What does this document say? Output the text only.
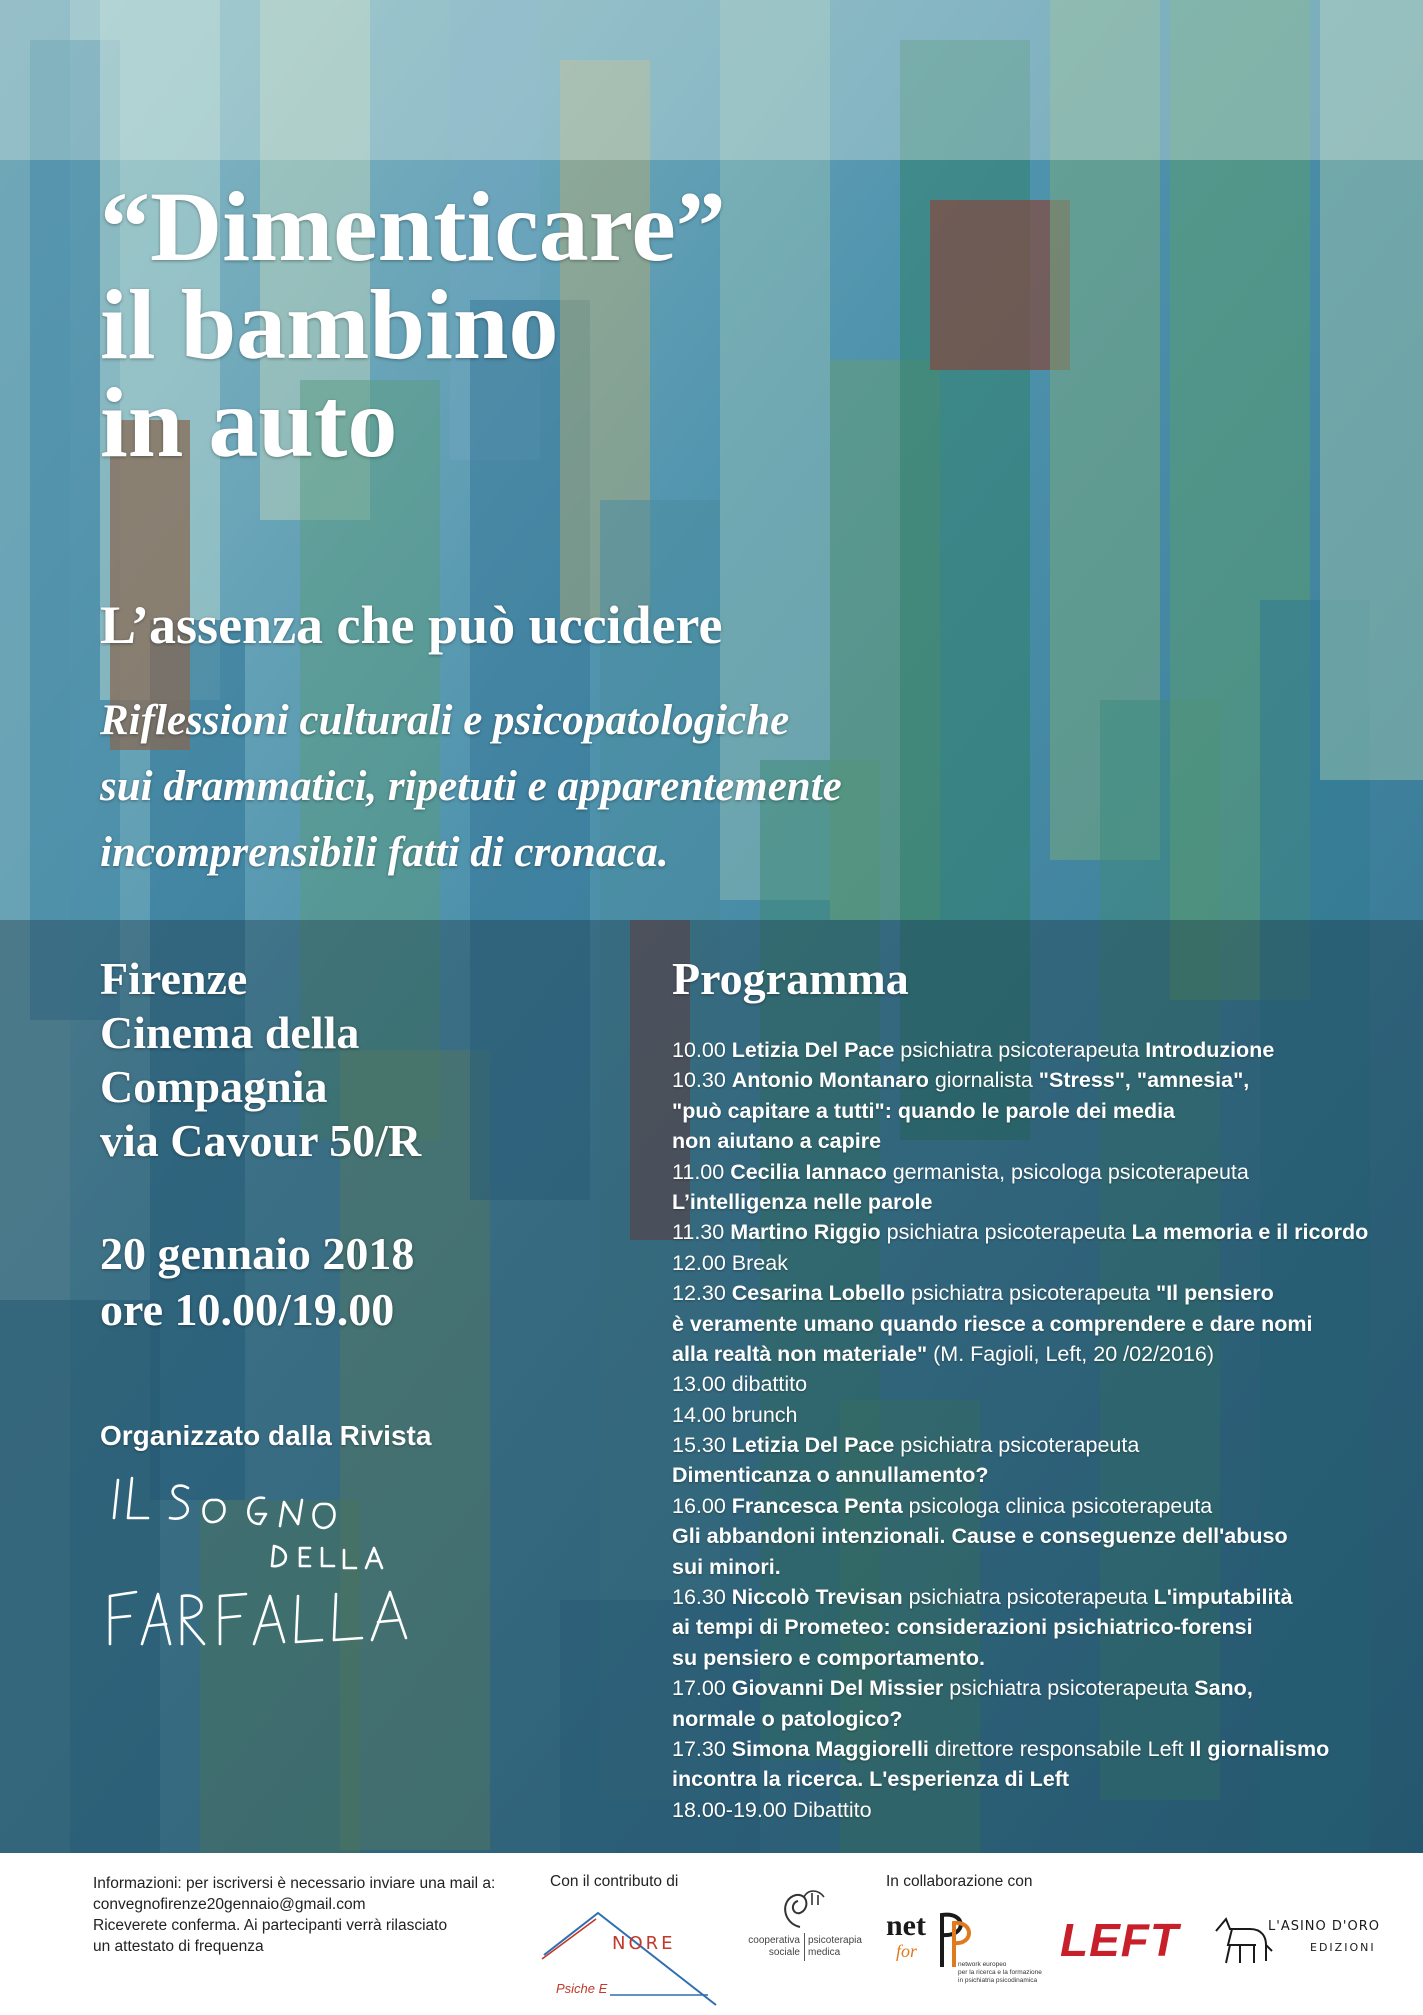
“Dimenticare”
il bambino
in auto
L’assenza che può uccidere

Riflessioni culturali e psicopatologiche
sui drammatici, ripetuti e apparentemente
incomprensibili fatti di cronaca.

Firenze
Cinema della
Compagnia
via Cavour 50/R
20 gennaio 2018
ore 10.00/19.00
Organizzato dalla Rivista
Programma
10.00 Letizia Del Pace psichiatra psicoterapeuta Introduzione
10.30 Antonio Montanaro giornalista "Stress", "amnesia",
"può capitare a tutti": quando le parole dei media
non aiutano a capire
11.00 Cecilia Iannaco germanista, psicologa psicoterapeuta
L’intelligenza nelle parole
11.30 Martino Riggio psichiatra psicoterapeuta La memoria e il ricordo
12.00 Break
12.30 Cesarina Lobello psichiatra psicoterapeuta "Il pensiero
è veramente umano quando riesce a comprendere e dare nomi
alla realtà non materiale" (M. Fagioli, Left, 20 /02/2016)
13.00 dibattito
14.00 brunch
15.30 Letizia Del Pace psichiatra psicoterapeuta
Dimenticanza o annullamento?
16.00 Francesca Penta psicologa clinica psicoterapeuta
Gli abbandoni intenzionali. Cause e conseguenze dell'abuso
sui minori.
16.30 Niccolò Trevisan psichiatra psicoterapeuta L'imputabilità
ai tempi di Prometeo: considerazioni psichiatrico-forensi
su pensiero e comportamento.
17.00 Giovanni Del Missier psichiatra psicoterapeuta Sano,
normale o patologico?
17.30 Simona Maggiorelli direttore responsabile Left Il giornalismo
incontra la ricerca. L'esperienza di Left
18.00-19.00 Dibattito
Informazioni: per iscriversi è necessario inviare una mail a:
convegnofirenze20gennaio@gmail.com
Riceverete conferma. Ai partecipanti verrà rilasciato
un attestato di frequenza
Con il contributo di	In collaborazione con
NORE
Psiche E
cooperativa
sociale
psicoterapia
medica
net
for
network europeo
per la ricerca e la formazione
in psichiatria psicodinamica
LEFT	L'ASINO D'ORO
EDIZIONI
